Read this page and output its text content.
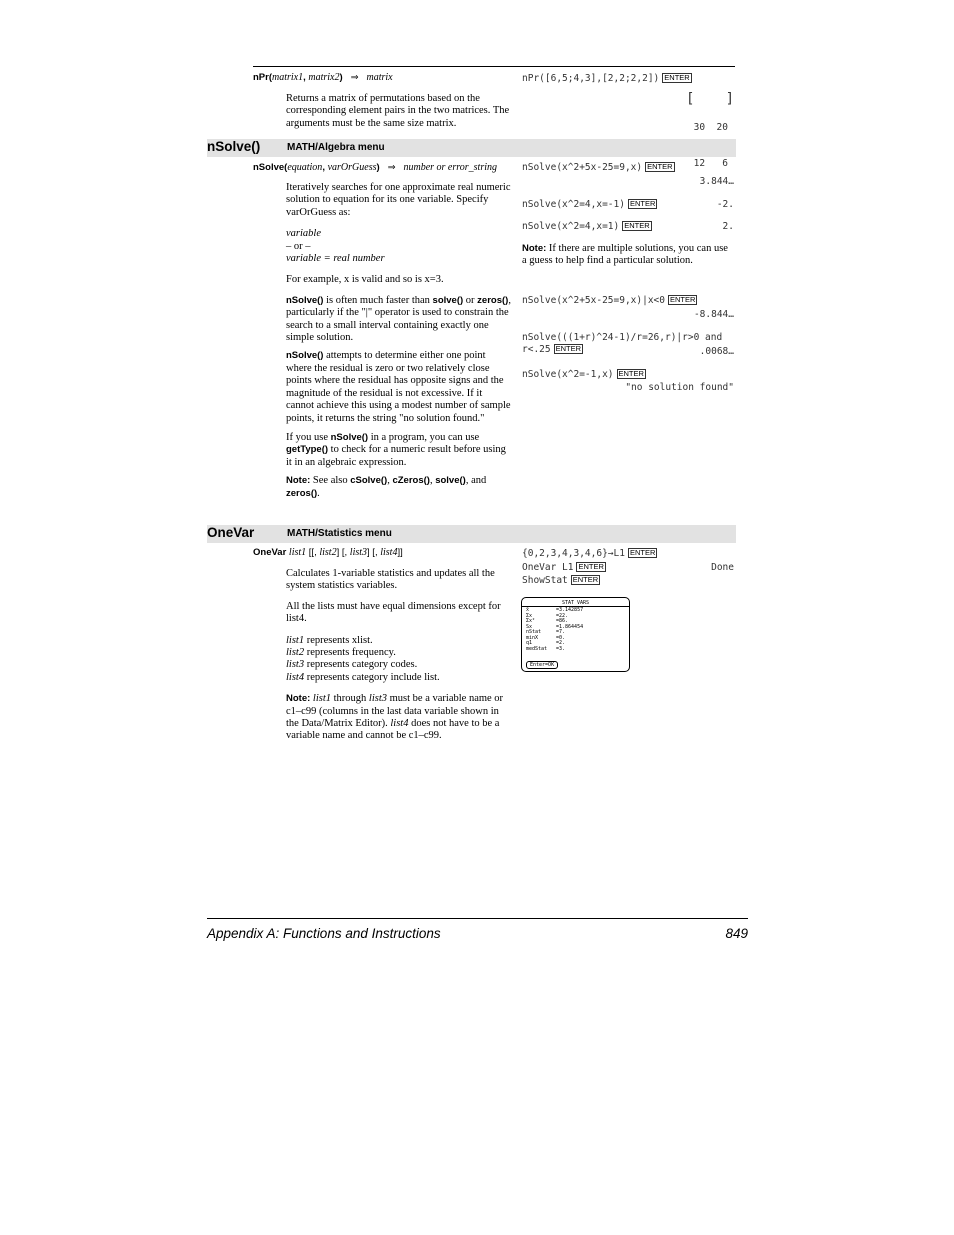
nPr(matrix1, matrix2) ⇒ matrix

Returns a matrix of permutations based on the corresponding element pairs in the two matrices. The arguments must be the same size matrix.

nPr([6,5;4,3],[2,2;2,2]) ENTER

[

30  20

12   6

]

nSolve()	MATH/Algebra menu
nSolve(equation, varOrGuess) ⇒ number or error_string

Iteratively searches for one approximate real numeric solution to equation for its one variable. Specify varOrGuess as:

variable

– or –

variable = real number

For example, x is valid and so is x=3.

nSolve() is often much faster than solve() or zeros(), particularly if the "|" operator is used to constrain the search to a small interval containing exactly one simple solution.

nSolve() attempts to determine either one point where the residual is zero or two relatively close points where the residual has opposite signs and the magnitude of the residual is not excessive. If it cannot achieve this using a modest number of sample points, it returns the string "no solution found."

If you use nSolve() in a program, you can use getType() to check for a numeric result before using it in an algebraic expression.

Note: See also cSolve(), cZeros(), solve(), and zeros().

nSolve(x^2+5x-25=9,x) ENTER
3.844…
nSolve(x^2=4,x=-1) ENTER	-2.
nSolve(x^2=4,x=1) ENTER	2.
Note: If there are multiple solutions, you can use a guess to help find a particular solution.
nSolve(x^2+5x-25=9,x)|x<0 ENTER
-8.844…
nSolve(((1+r)^24-1)/r=26,r)|r>0 and
r<.25 ENTER	.0068…
nSolve(x^2=-1,x) ENTER
"no solution found"
OneVar	MATH/Statistics menu
OneVar list1 [[, list2] [, list3] [, list4]]

Calculates 1-variable statistics and updates all the system statistics variables.

All the lists must have equal dimensions except for list4.

list1 represents xlist.

list2 represents frequency.

list3 represents category codes.

list4 represents category include list.

Note: list1 through list3 must be a variable name or c1–c99 (columns in the last data variable shown in the Data/Matrix Editor). list4 does not have to be a variable name and cannot be c1–c99.

{0,2,3,4,3,4,6}→L1 ENTER
OneVar L1 ENTER	Done
ShowStat ENTER
STAT VARS
x̄	=3.142857
Σx	=22.
Σx²	=86.
Sx	=1.864454
nStat	=7.
minX	=0.
q1	=2.
medStat	=3.
Enter=OK
Appendix A: Functions and Instructions	849
